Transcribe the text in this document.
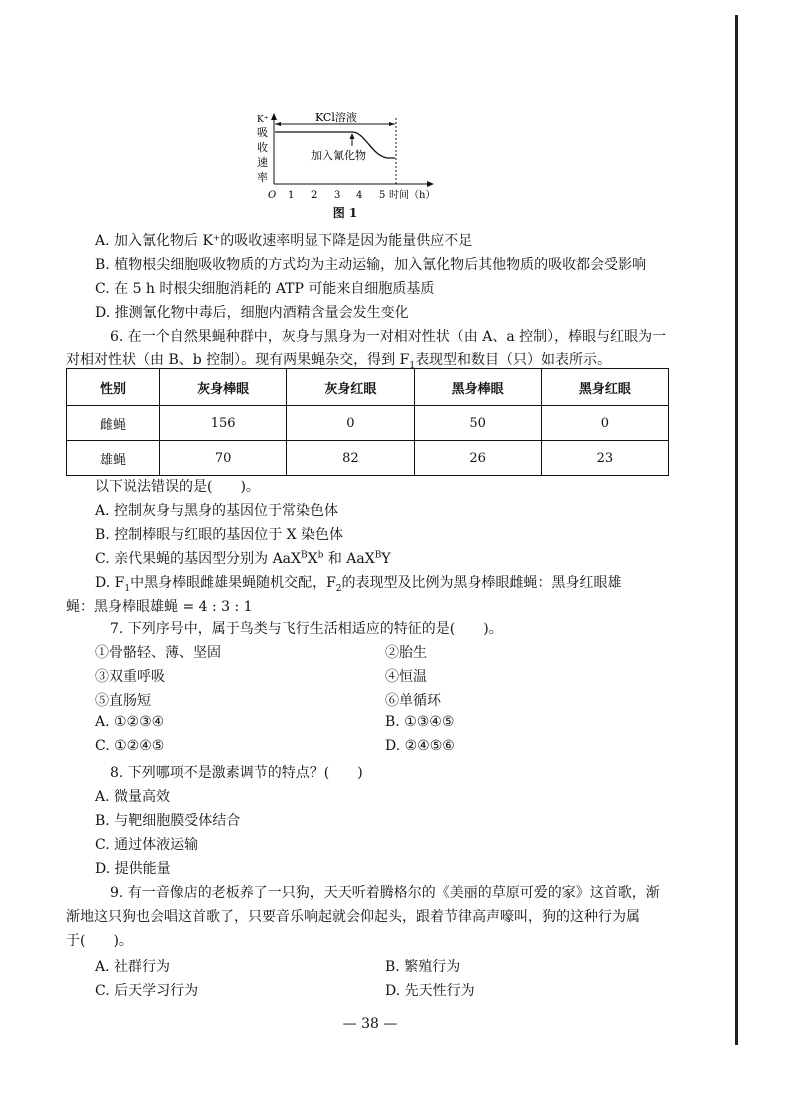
K⁺
吸
收
速
率
KCl溶液
加入氰化物
O 1 2 3 4 5 时间（h）
图 1
A. 加入氰化物后 K⁺的吸收速率明显下降是因为能量供应不足
B. 植物根尖细胞吸收物质的方式均为主动运输，加入氰化物后其他物质的吸收都会受影响
C. 在 5 h 时根尖细胞消耗的 ATP 可能来自细胞质基质
D. 推测氰化物中毒后，细胞内酒精含量会发生变化
6. 在一个自然果蝇种群中，灰身与黑身为一对相对性状（由 A、a 控制），棒眼与红眼为一
对相对性状（由 B、b 控制）。现有两果蝇杂交，得到 $F_1$表现型和数目（只）如表所示。
性别	灰身棒眼	灰身红眼	黑身棒眼	黑身红眼
雌蝇	156	0	50	0
雄蝇	70	82	26	23
以下说法错误的是(　　)。
A. 控制灰身与黑身的基因位于常染色体
B. 控制棒眼与红眼的基因位于 X 染色体
C. 亲代果蝇的基因型分别为 $AaX^BX^b$ 和 AaX$^B$Y
D. $F_1$中黑身棒眼雌雄果蝇随机交配，$F_2$的表现型及比例为黑身棒眼雌蝇：黑身红眼雄
蝇：黑身棒眼雄蝇 = 4 : 3 : 1
7. 下列序号中，属于鸟类与飞行生活相适应的特征的是(　　)。
①骨骼轻、薄、坚固	②胎生
③双重呼吸	④恒温
⑤直肠短	⑥单循环
A. ①②③④	B. ①③④⑤
C. ①②④⑤	D. ②④⑤⑥
8. 下列哪项不是激素调节的特点？(　　)
A. 微量高效
B. 与靶细胞膜受体结合
C. 通过体液运输
D. 提供能量
9. 有一音像店的老板养了一只狗，天天听着腾格尔的《美丽的草原可爱的家》这首歌，渐
渐地这只狗也会唱这首歌了，只要音乐响起就会仰起头，跟着节律高声嚎叫，狗的这种行为属
于(　　)。
A. 社群行为	B. 繁殖行为
C. 后天学习行为	D. 先天性行为
— 38 —
